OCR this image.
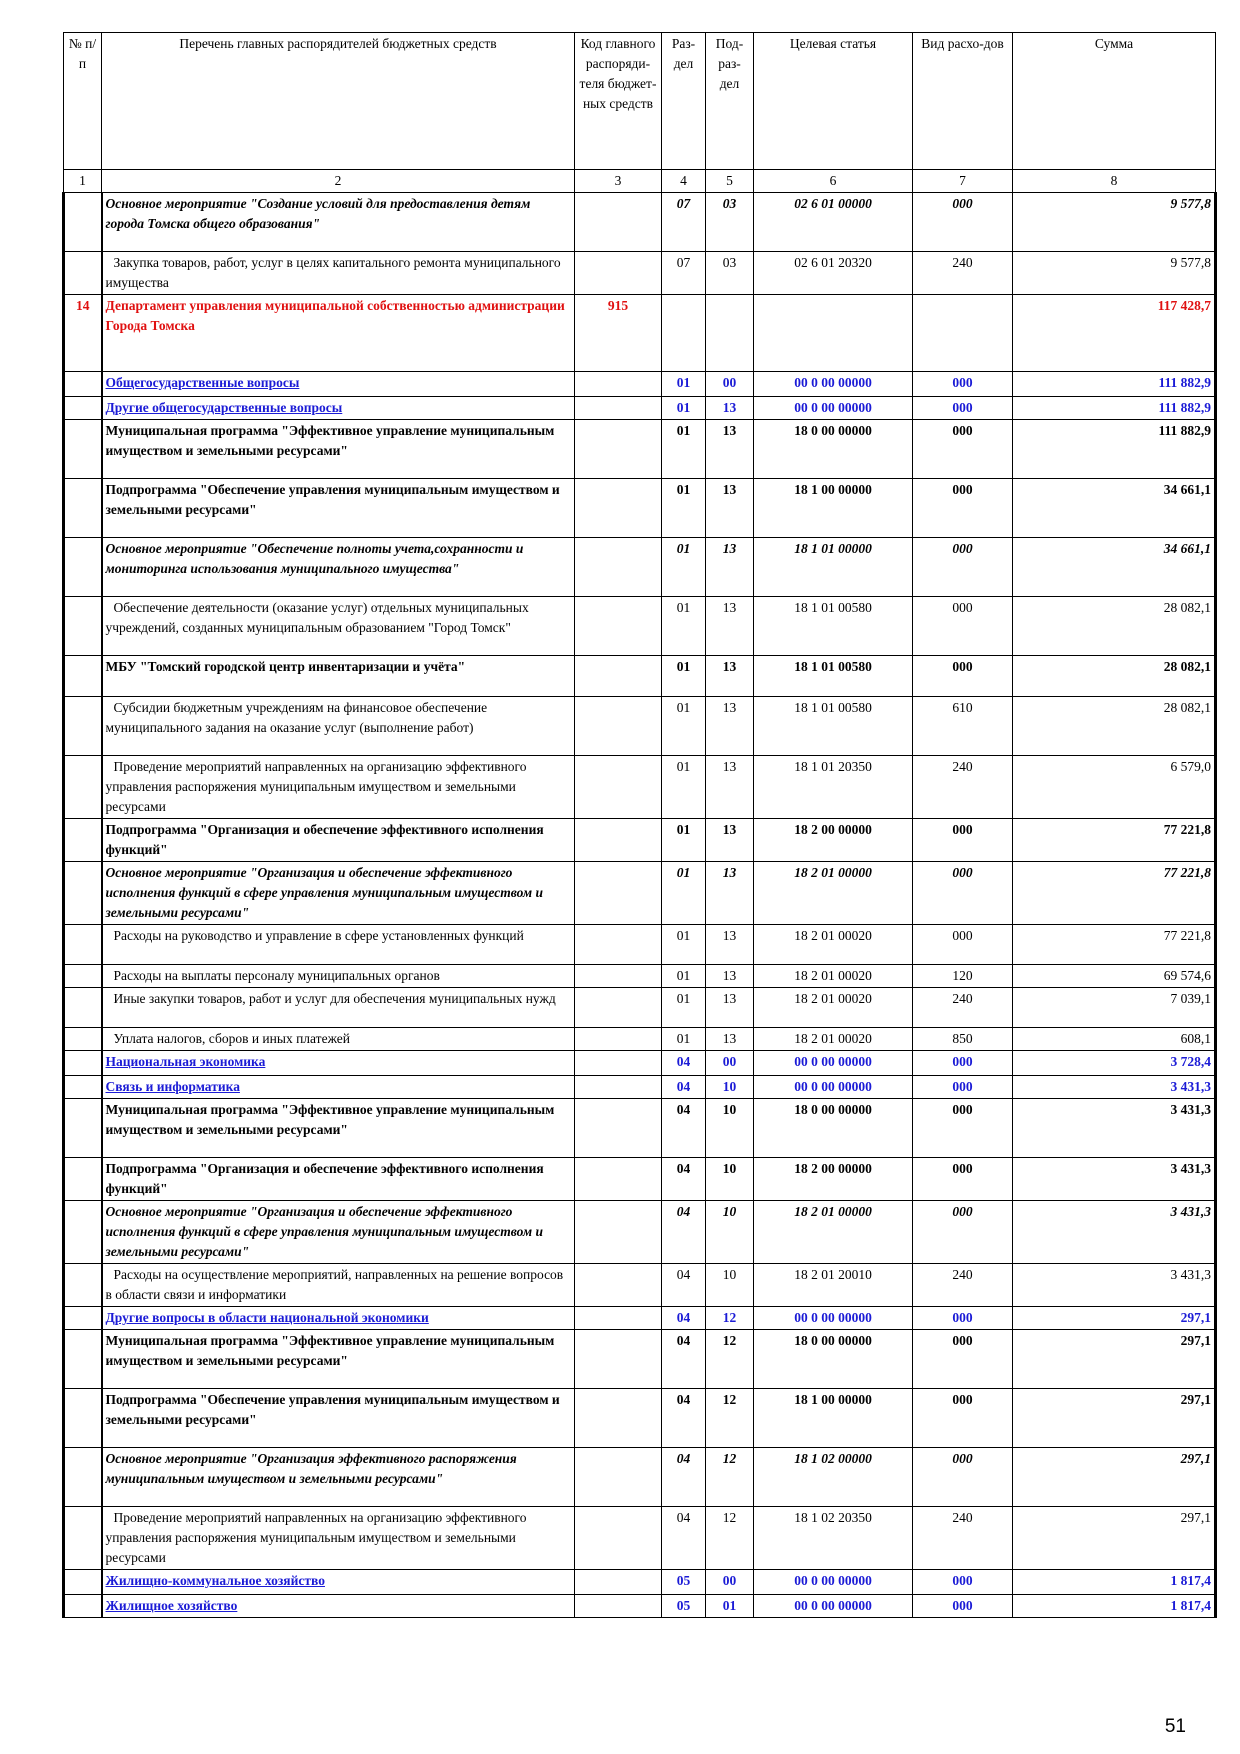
№ п/п	Перечень главных распорядителей бюджетных средств	Код главного распоряди-теля бюджет-ных средств	Раз-дел	Под-раз-дел	Целевая статья	Вид расхо-дов	Сумма
1	2	3	4	5	6	7	8
	Основное мероприятие "Создание условий для предоставления детям города Томска общего образования"		07	03	02 6 01 00000	000	9 577,8
	Закупка товаров, работ, услуг в целях капитального ремонта муниципального имущества		07	03	02 6 01 20320	240	9 577,8
14	Департамент управления муниципальной собственностью администрации Города Томска	915					117 428,7
	Общегосударственные вопросы		01	00	00 0 00 00000	000	111 882,9
	Другие общегосударственные вопросы		01	13	00 0 00 00000	000	111 882,9
	Муниципальная программа "Эффективное управление муниципальным имуществом и земельными ресурсами"		01	13	18 0 00 00000	000	111 882,9
	Подпрограмма "Обеспечение управления муниципальным имуществом и земельными ресурсами"		01	13	18 1 00 00000	000	34 661,1
	Основное мероприятие "Обеспечение полноты учета,сохранности и мониторинга использования муниципального имущества"		01	13	18 1 01 00000	000	34 661,1
	Обеспечение деятельности (оказание услуг) отдельных муниципальных учреждений, созданных муниципальным образованием "Город Томск"		01	13	18 1 01 00580	000	28 082,1
	МБУ "Томский городской центр инвентаризации и учёта"		01	13	18 1 01 00580	000	28 082,1
	Субсидии бюджетным учреждениям на финансовое обеспечение муниципального задания на оказание услуг (выполнение работ)		01	13	18 1 01 00580	610	28 082,1
	Проведение мероприятий направленных на организацию эффективного управления распоряжения муниципальным имуществом и земельными ресурсами		01	13	18 1 01 20350	240	6 579,0
	Подпрограмма "Организация и обеспечение эффективного исполнения функций"		01	13	18 2 00 00000	000	77 221,8
	Основное мероприятие "Организация и обеспечение эффективного исполнения функций в сфере управления муниципальным имуществом и земельными ресурсами"		01	13	18 2 01 00000	000	77 221,8
	Расходы на руководство и управление в сфере установленных функций		01	13	18 2 01 00020	000	77 221,8
	Расходы на выплаты персоналу муниципальных органов		01	13	18 2 01 00020	120	69 574,6
	Иные закупки товаров, работ и услуг для обеспечения муниципальных нужд		01	13	18 2 01 00020	240	7 039,1
	Уплата налогов, сборов и иных платежей		01	13	18 2 01 00020	850	608,1
	Национальная экономика		04	00	00 0 00 00000	000	3 728,4
	Связь и информатика		04	10	00 0 00 00000	000	3 431,3
	Муниципальная программа "Эффективное управление муниципальным имуществом и земельными ресурсами"		04	10	18 0 00 00000	000	3 431,3
	Подпрограмма "Организация и обеспечение эффективного исполнения функций"		04	10	18 2 00 00000	000	3 431,3
	Основное мероприятие "Организация и обеспечение эффективного исполнения функций в сфере управления муниципальным имуществом и земельными ресурсами"		04	10	18 2 01 00000	000	3 431,3
	Расходы на осуществление мероприятий, направленных на решение вопросов в области связи и информатики		04	10	18 2 01 20010	240	3 431,3
	Другие вопросы в области национальной экономики		04	12	00 0 00 00000	000	297,1
	Муниципальная программа "Эффективное управление муниципальным имуществом и земельными ресурсами"		04	12	18 0 00 00000	000	297,1
	Подпрограмма "Обеспечение управления муниципальным имуществом и земельными ресурсами"		04	12	18 1 00 00000	000	297,1
	Основное мероприятие "Организация эффективного распоряжения муниципальным имуществом и земельными ресурсами"		04	12	18 1 02 00000	000	297,1
	Проведение мероприятий направленных на организацию эффективного управления распоряжения муниципальным имуществом и земельными ресурсами		04	12	18 1 02 20350	240	297,1
	Жилищно-коммунальное хозяйство		05	00	00 0 00 00000	000	1 817,4
	Жилищное хозяйство		05	01	00 0 00 00000	000	1 817,4
51
